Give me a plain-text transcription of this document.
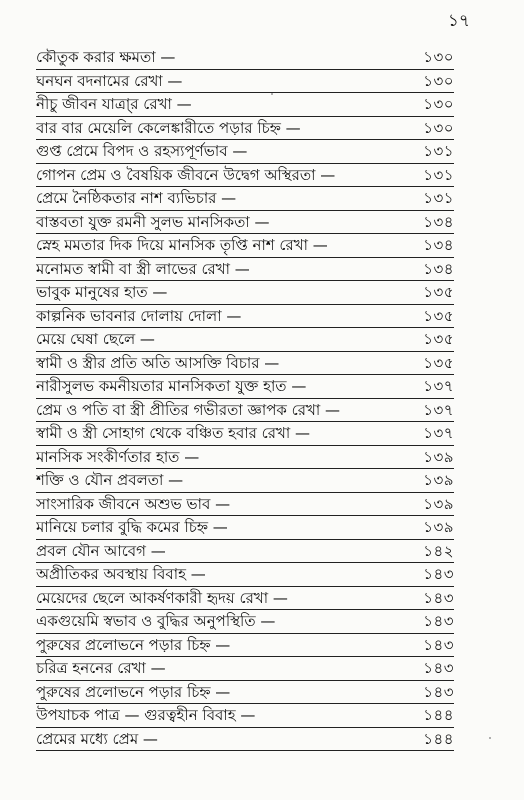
১৭
কৌতুক করার ক্ষমতা —	১৩০
ঘনঘন বদনামের রেখা —	১৩০
নীচু জীবন যাত্রা্র রেখা —	১৩০
বার বার মেয়েলি কেলেঙ্কারীতে পড়ার চিহ্ন —	১৩০
গুপ্ত প্রেমে বিপদ ও রহস্যপূর্ণভাব —	১৩১
গোপন প্রেম ও বৈষয়িক জীবনে উদ্বেগ অস্থিরতা —	১৩১
প্রেমে নৈষ্ঠিকতার নাশ ব্যভিচার —	১৩১
বাস্তবতা যুক্ত রমনী সুলভ মানসিকতা —	১৩৪
স্নেহ মমতার দিক দিয়ে মানসিক তৃপ্তি নাশ রেখা —	১৩৪
মনোমত স্বামী বা স্ত্রী লাভের রেখা —	১৩৪
ভাবুক মানুষের হাত —	১৩৫
কাল্পনিক ভাবনার দোলায় দোলা —	১৩৫
মেয়ে ঘেষা ছেলে —	১৩৫
স্বামী ও স্ত্রীর প্রতি অতি আসক্তি বিচার —	১৩৫
নারীসুলভ কমনীয়তার মানসিকতা যুক্ত হাত —	১৩৭
প্রেম ও পতি বা স্ত্রী প্রীতির গভীরতা জ্ঞাপক রেখা —	১৩৭
স্বামী ও স্ত্রী সোহাগ থেকে বঞ্চিত হবার রেখা —	১৩৭
মানসিক সংকীর্ণতার হাত —	১৩৯
শক্তি ও যৌন প্রবলতা —	১৩৯
সাংসারিক জীবনে অশুভ ভাব —	১৩৯
মানিয়ে চলার বুদ্ধি কমের চিহ্ন —	১৩৯
প্রবল যৌন আবেগ —	১৪২
অপ্রীতিকর অবস্থায় বিবাহ —	১৪৩
মেয়েদের ছেলে আকর্ষণকারী হৃদয় রেখা —	১৪৩
একগুয়েমি স্বভাব ও বুদ্ধির অনুপস্থিতি —	১৪৩
পুরুষের প্রলোভনে পড়ার চিহ্ন —	১৪৩
চরিত্র হননের রেখা —	১৪৩
পুরুষের প্রলোভনে পড়ার চিহ্ন —	১৪৩
উপযাচক পাত্র — গুরত্বহীন বিবাহ —	১৪৪
প্রেমের মধ্যে প্রেম —	১৪৪
